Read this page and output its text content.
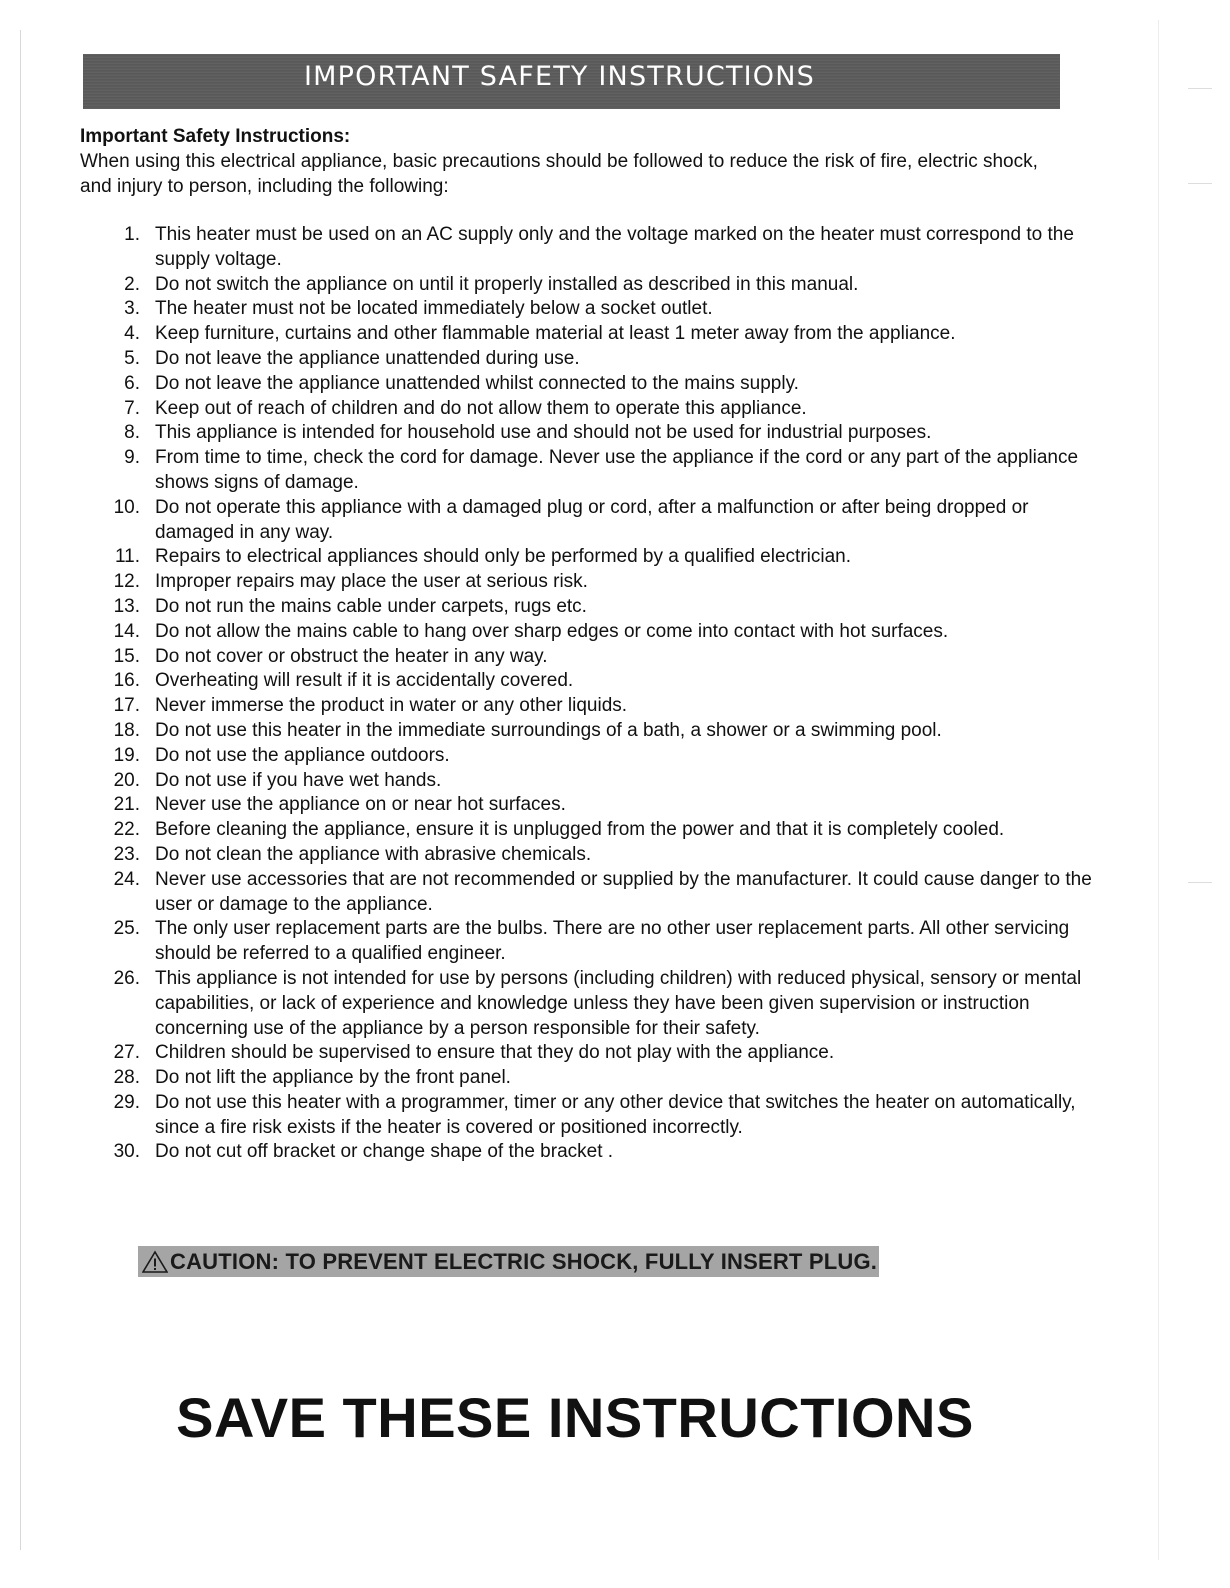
IMPORTANT SAFETY INSTRUCTIONS
Important Safety Instructions:
When using this electrical appliance, basic precautions should be followed to reduce the risk of fire, electric shock, and injury to person, including the following:
1. This heater must be used on an AC supply only and the voltage marked on the heater must correspond to the supply voltage.
2. Do not switch the appliance on until it properly installed as described in this manual.
3. The heater must not be located immediately below a socket outlet.
4. Keep furniture, curtains and other flammable material at least 1 meter away from the appliance.
5. Do not leave the appliance unattended during use.
6. Do not leave the appliance unattended whilst connected to the mains supply.
7. Keep out of reach of children and do not allow them to operate this appliance.
8. This appliance is intended for household use and should not be used for industrial purposes.
9. From time to time, check the cord for damage. Never use the appliance if the cord or any part of the appliance shows signs of damage.
10. Do not operate this appliance with a damaged plug or cord, after a malfunction or after being dropped or damaged in any way.
11. Repairs to electrical appliances should only be performed by a qualified electrician.
12. Improper repairs may place the user at serious risk.
13. Do not run the mains cable under carpets, rugs etc.
14. Do not allow the mains cable to hang over sharp edges or come into contact with hot surfaces.
15. Do not cover or obstruct the heater in any way.
16. Overheating will result if it is accidentally covered.
17. Never immerse the product in water or any other liquids.
18. Do not use this heater in the immediate surroundings of a bath, a shower or a swimming pool.
19. Do not use the appliance outdoors.
20. Do not use if you have wet hands.
21. Never use the appliance on or near hot surfaces.
22. Before cleaning the appliance, ensure it is unplugged from the power and that it is completely cooled.
23. Do not clean the appliance with abrasive chemicals.
24. Never use accessories that are not recommended or supplied by the manufacturer. It could cause danger to the user or damage to the appliance.
25. The only user replacement parts are the bulbs. There are no other user replacement parts. All other servicing should be referred to a qualified engineer.
26. This appliance is not intended for use by persons (including children) with reduced physical, sensory or mental capabilities, or lack of experience and knowledge unless they have been given supervision or instruction concerning use of the appliance by a person responsible for their safety.
27. Children should be supervised to ensure that they do not play with the appliance.
28. Do not lift the appliance by the front panel.
29. Do not use this heater with a programmer, timer or any other device that switches the heater on automatically, since a fire risk exists if the heater is covered or positioned incorrectly.
30. Do not cut off bracket or change shape of the bracket .
CAUTION: TO PREVENT ELECTRIC SHOCK, FULLY INSERT PLUG.
SAVE THESE INSTRUCTIONS
